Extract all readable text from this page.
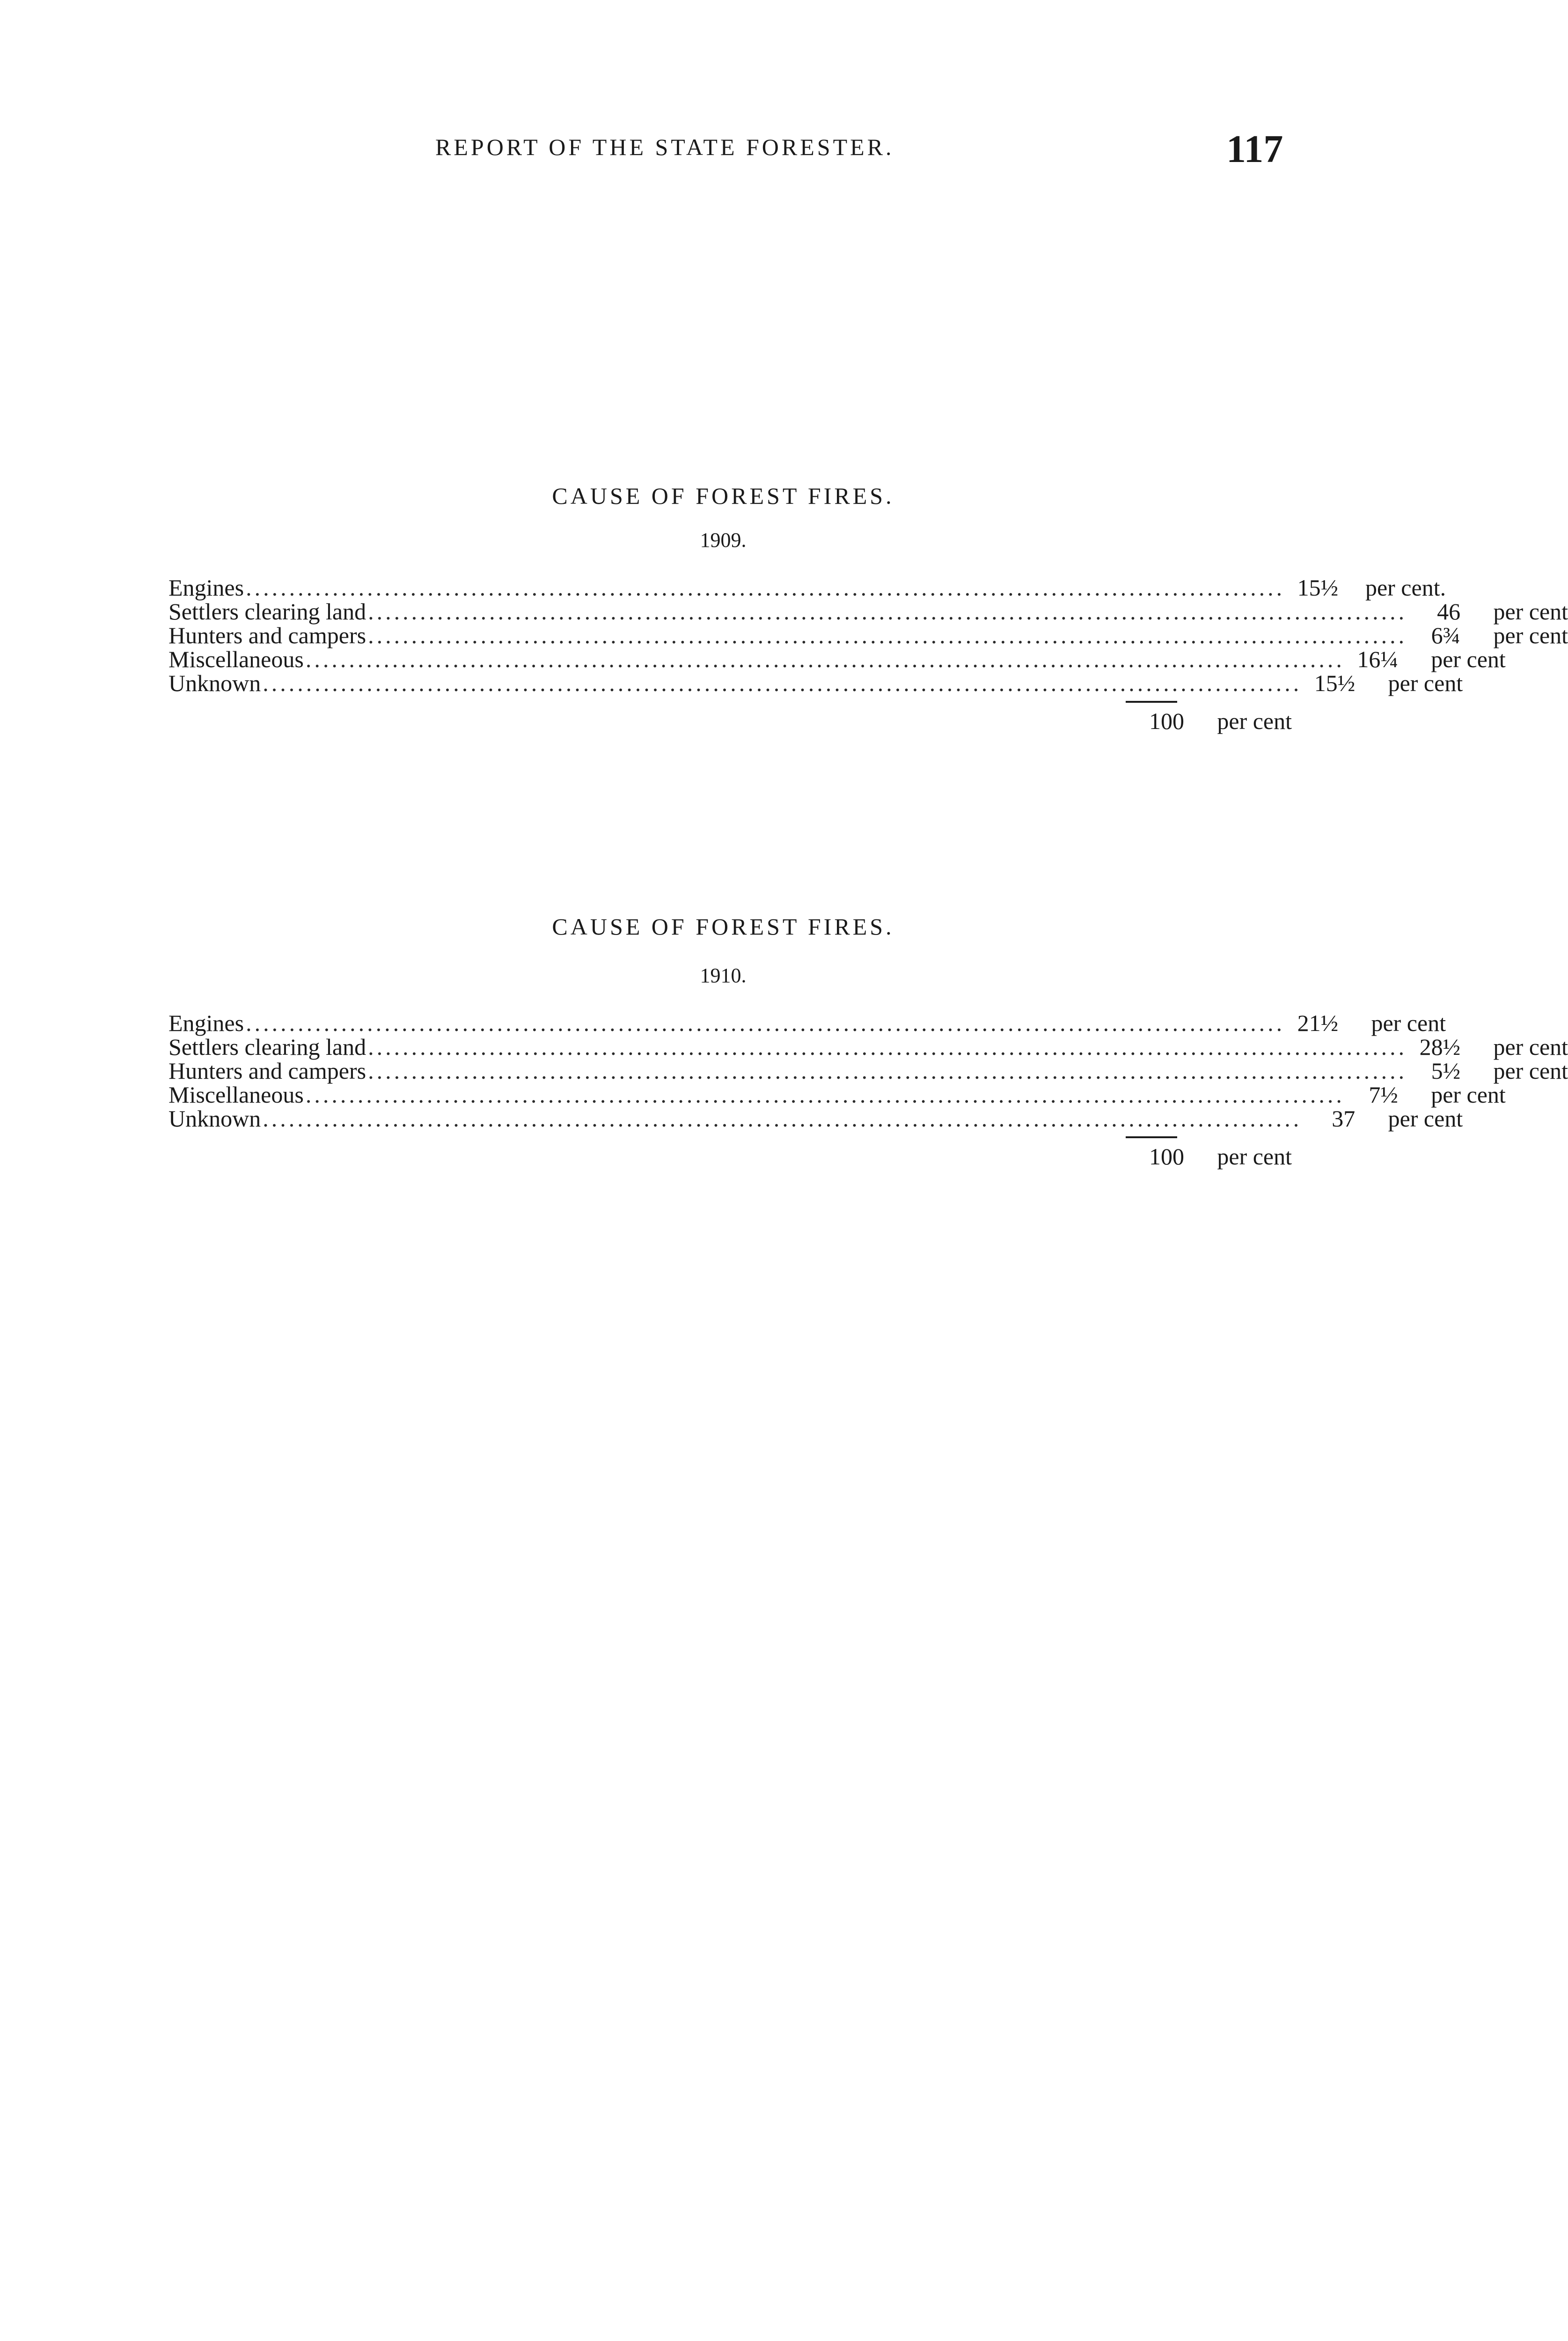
REPORT OF THE STATE FORESTER.	117
CAUSE OF FOREST FIRES.
1909.
Engines ........................................................................................................................ 15½	per cent.
Settlers clearing land ........................................................................................................................	46	per cent
Hunters and campers ........................................................................................................................	6¾	per cent
Miscellaneous ........................................................................................................................ 16¼	per cent
Unknown ........................................................................................................................ 15½	per cent
100	per cent
CAUSE OF FOREST FIRES.
1910.
Engines ........................................................................................................................ 21½	per cent
Settlers clearing land ........................................................................................................................ 28½	per cent
Hunters and campers ........................................................................................................................	5½	per cent
Miscellaneous ........................................................................................................................	7½	per cent
Unknown ........................................................................................................................	37	per cent
100	per cent
